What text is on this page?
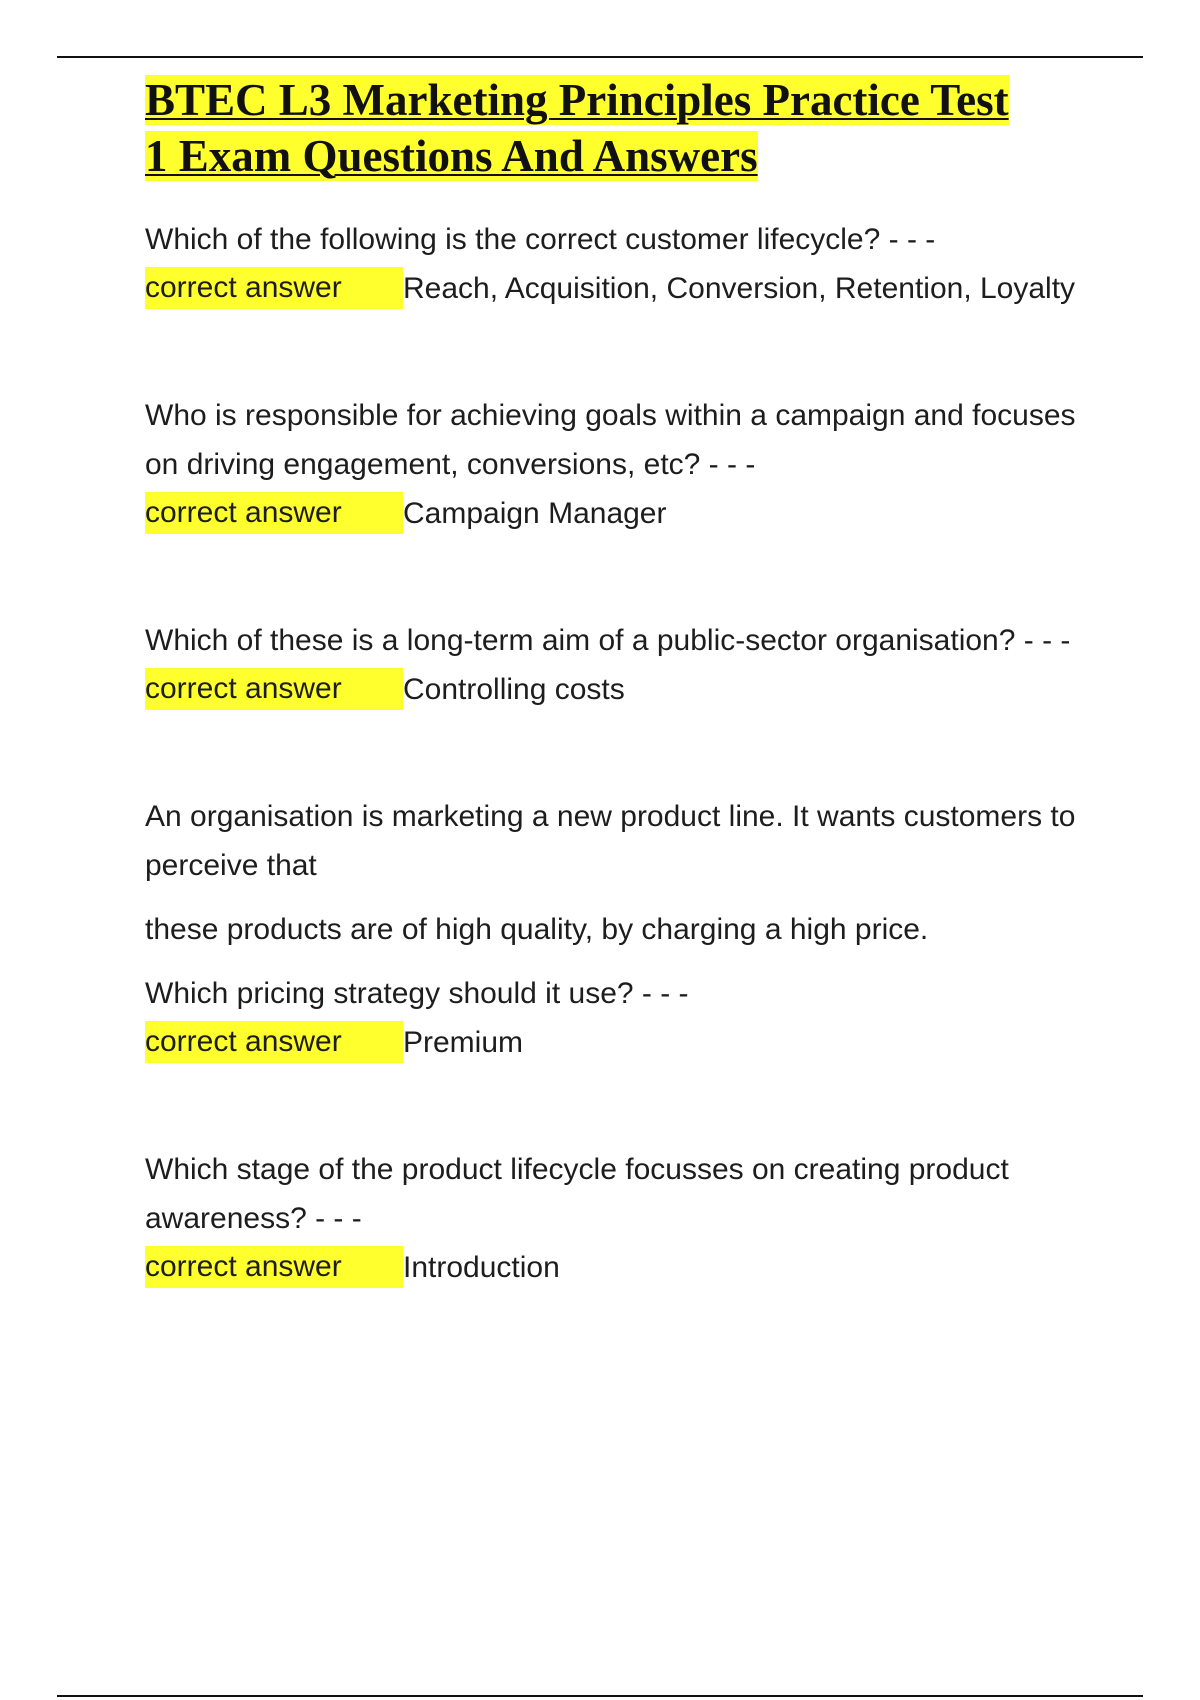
BTEC L3 Marketing Principles Practice Test
1 Exam Questions And Answers

Which of the following is the correct customer lifecycle? - - -

correct answer	Reach, Acquisition, Conversion, Retention, Loyalty

Who is responsible for achieving goals within a campaign and focuses on driving engagement, conversions, etc? - - -

correct answer	Campaign Manager

Which of these is a long-term aim of a public-sector organisation? - - -

correct answer	Controlling costs

An organisation is marketing a new product line. It wants customers to perceive that

these products are of high quality, by charging a high price.

Which pricing strategy should it use? - - -

correct answer	Premium

Which stage of the product lifecycle focusses on creating product awareness? - - -

correct answer	Introduction
